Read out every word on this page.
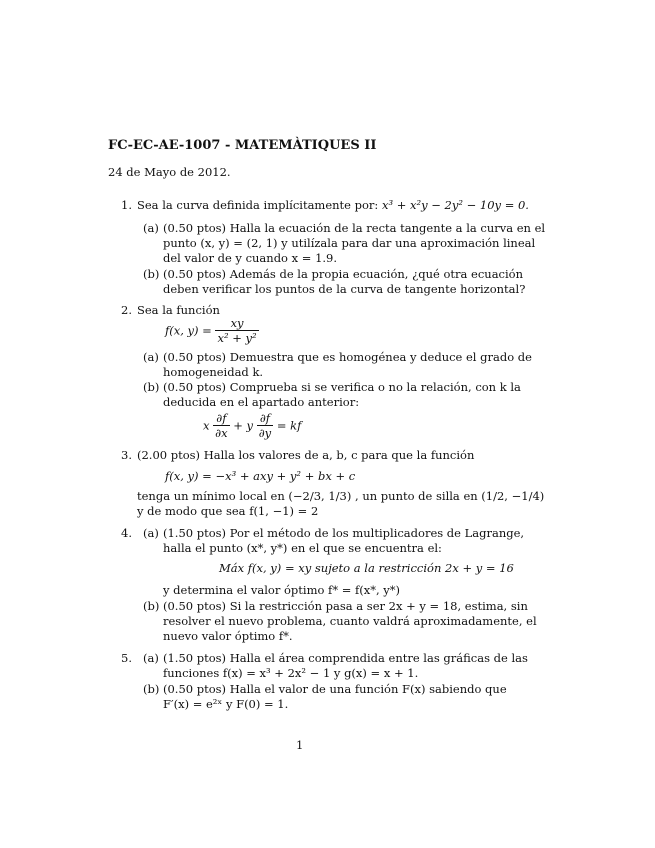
FC-EC-AE-1007 - MATEMÀTIQUES II
24 de Mayo de 2012.
1. Sea la curva definida implícitamente por: x³ + x²y − 2y² − 10y = 0.
(a) (0.50 ptos) Halla la ecuación de la recta tangente a la curva en el
punto (x, y) = (2, 1) y utilízala para dar una aproximación lineal
del valor de y cuando x = 1.9.
(b) (0.50 ptos) Además de la propia ecuación, ¿qué otra ecuación
deben verificar los puntos de la curva de tangente horizontal?
2. Sea la función
f(x, $y) = \frac{xy}{\text{x² + y²}}$
(a) (0.50 ptos) Demuestra que es homogénea y deduce el grado de
homogeneidad k.
(b) (0.50 ptos) Comprueba si se verifica o no la relación, con k la
deducida en el apartado anterior:
x $\frac{\partial f}{\partial x} + y \frac{\partial f}{\partial y}$ = kf
3. (2.00 ptos) Halla los valores de a, b, c para que la función
f(x, y) = −x³ + axy + y² + bx + c
tenga un mínimo local en (−2/3, 1/3) , un punto de silla en (1/2, −1/4)
y de modo que sea f(1, −1) = 2
4. (a) (1.50 ptos) Por el método de los multiplicadores de Lagrange,
halla el punto (x*, y*) en el que se encuentra el:
Máx f(x, y) = xy sujeto a la restricción 2x + y = 16
y determina el valor óptimo f* = f(x*, y*)
(b) (0.50 ptos) Si la restricción pasa a ser 2x + y = 18, estima, sin
resolver el nuevo problema, cuanto valdrá aproximadamente, el
nuevo valor óptimo f*.
5. (a) (1.50 ptos) Halla el área comprendida entre las gráficas de las
funciones f(x) = x³ + 2x² − 1 y g(x) = x + 1.
(b) (0.50 ptos) Halla el valor de una función F(x) sabiendo que
F′(x) = e²ˣ y F(0) = 1.
1
